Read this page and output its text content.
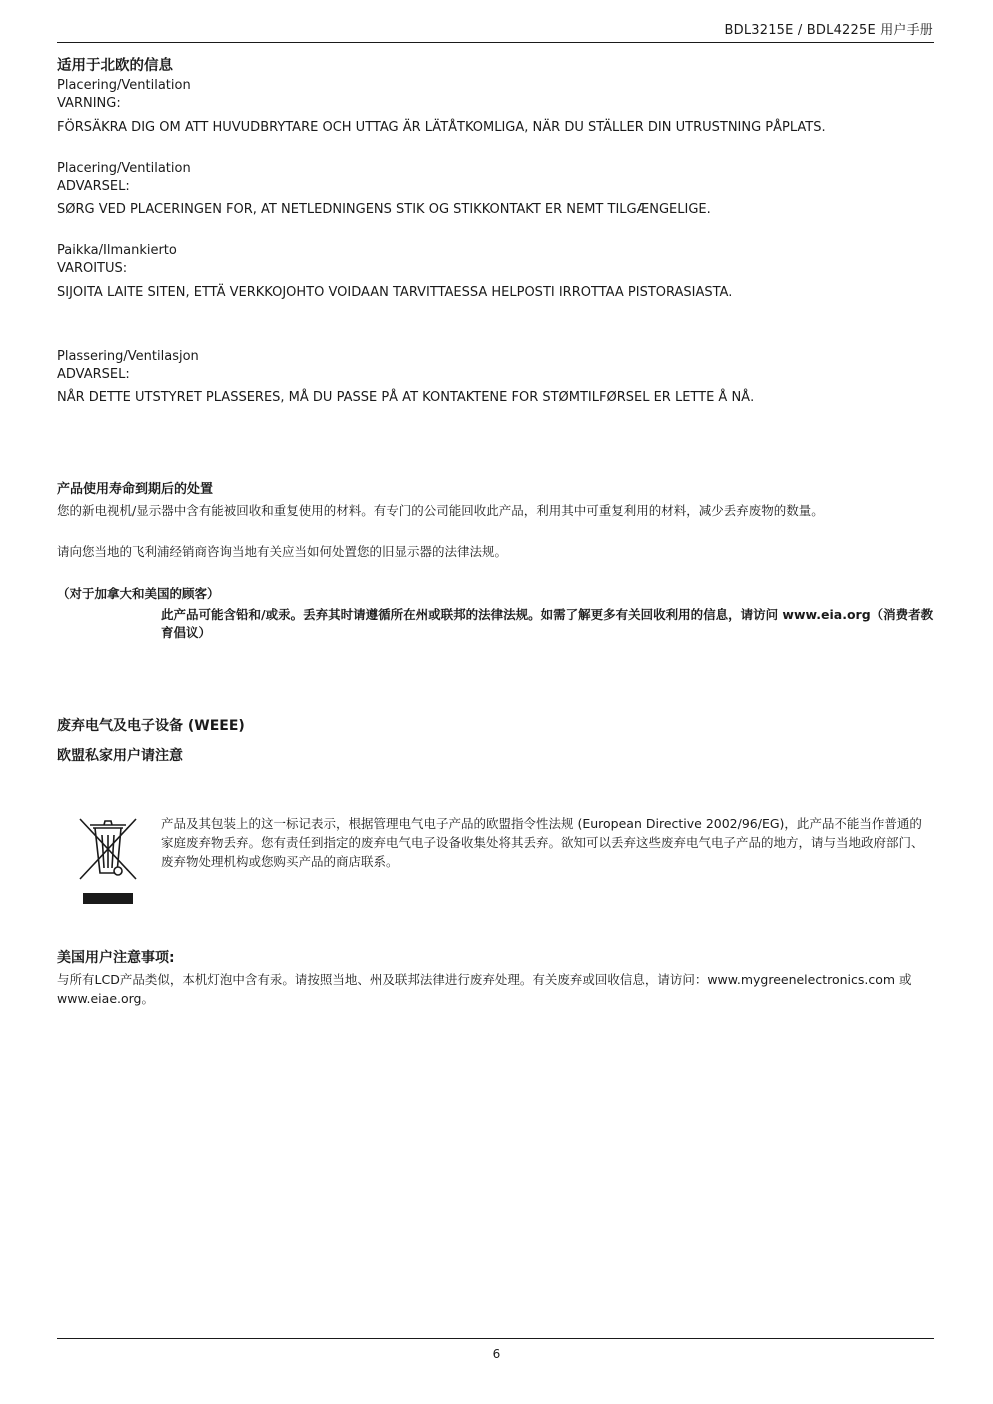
BDL3215E / BDL4225E 用户手册
适用于北欧的信息
Placering/Ventilation
VARNING:
FÖRSÄKRA DIG OM ATT HUVUDBRYTARE OCH UTTAG ÄR LÄTÅTKOMLIGA, NÄR DU STÄLLER DIN UTRUSTNING PÅPLATS.
Placering/Ventilation
ADVARSEL:
SØRG VED PLACERINGEN FOR, AT NETLEDNINGENS STIK OG STIKKONTAKT ER NEMT TILGÆNGELIGE.
Paikka/Ilmankierto
VAROITUS:
SIJOITA LAITE SITEN, ETTÄ VERKKOJOHTO VOIDAAN TARVITTAESSA HELPOSTI IRROTTAA PISTORASIASTA.
Plassering/Ventilasjon
ADVARSEL:
NÅR DETTE UTSTYRET PLASSERES, MÅ DU PASSE PÅ AT KONTAKTENE FOR STØMTILFØRSEL ER LETTE Å NÅ.
产品使用寿命到期后的处置
您的新电视机/显示器中含有能被回收和重复使用的材料。有专门的公司能回收此产品，利用其中可重复利用的材料，减少丢弃废物的数量。
请向您当地的飞利浦经销商咨询当地有关应当如何处置您的旧显示器的法律法规。
（对于加拿大和美国的顾客）
此产品可能含铅和/或汞。丢弃其时请遵循所在州或联邦的法律法规。如需了解更多有关回收利用的信息，请访问 www.eia.org（消费者教育倡议）
废弃电气及电子设备 (WEEE)
欧盟私家用户请注意
产品及其包装上的这一标记表示，根据管理电气电子产品的欧盟指令性法规 (European Directive 2002/96/EG)，此产品不能当作普通的家庭废弃物丢弃。您有责任到指定的废弃电气电子设备收集处将其丢弃。欲知可以丢弃这些废弃电气电子产品的地方，请与当地政府部门、废弃物处理机构或您购买产品的商店联系。
美国用户注意事项:
与所有LCD产品类似，本机灯泡中含有汞。请按照当地、州及联邦法律进行废弃处理。有关废弃或回收信息，请访问：www.mygreenelectronics.com 或 www.eiae.org。
6
